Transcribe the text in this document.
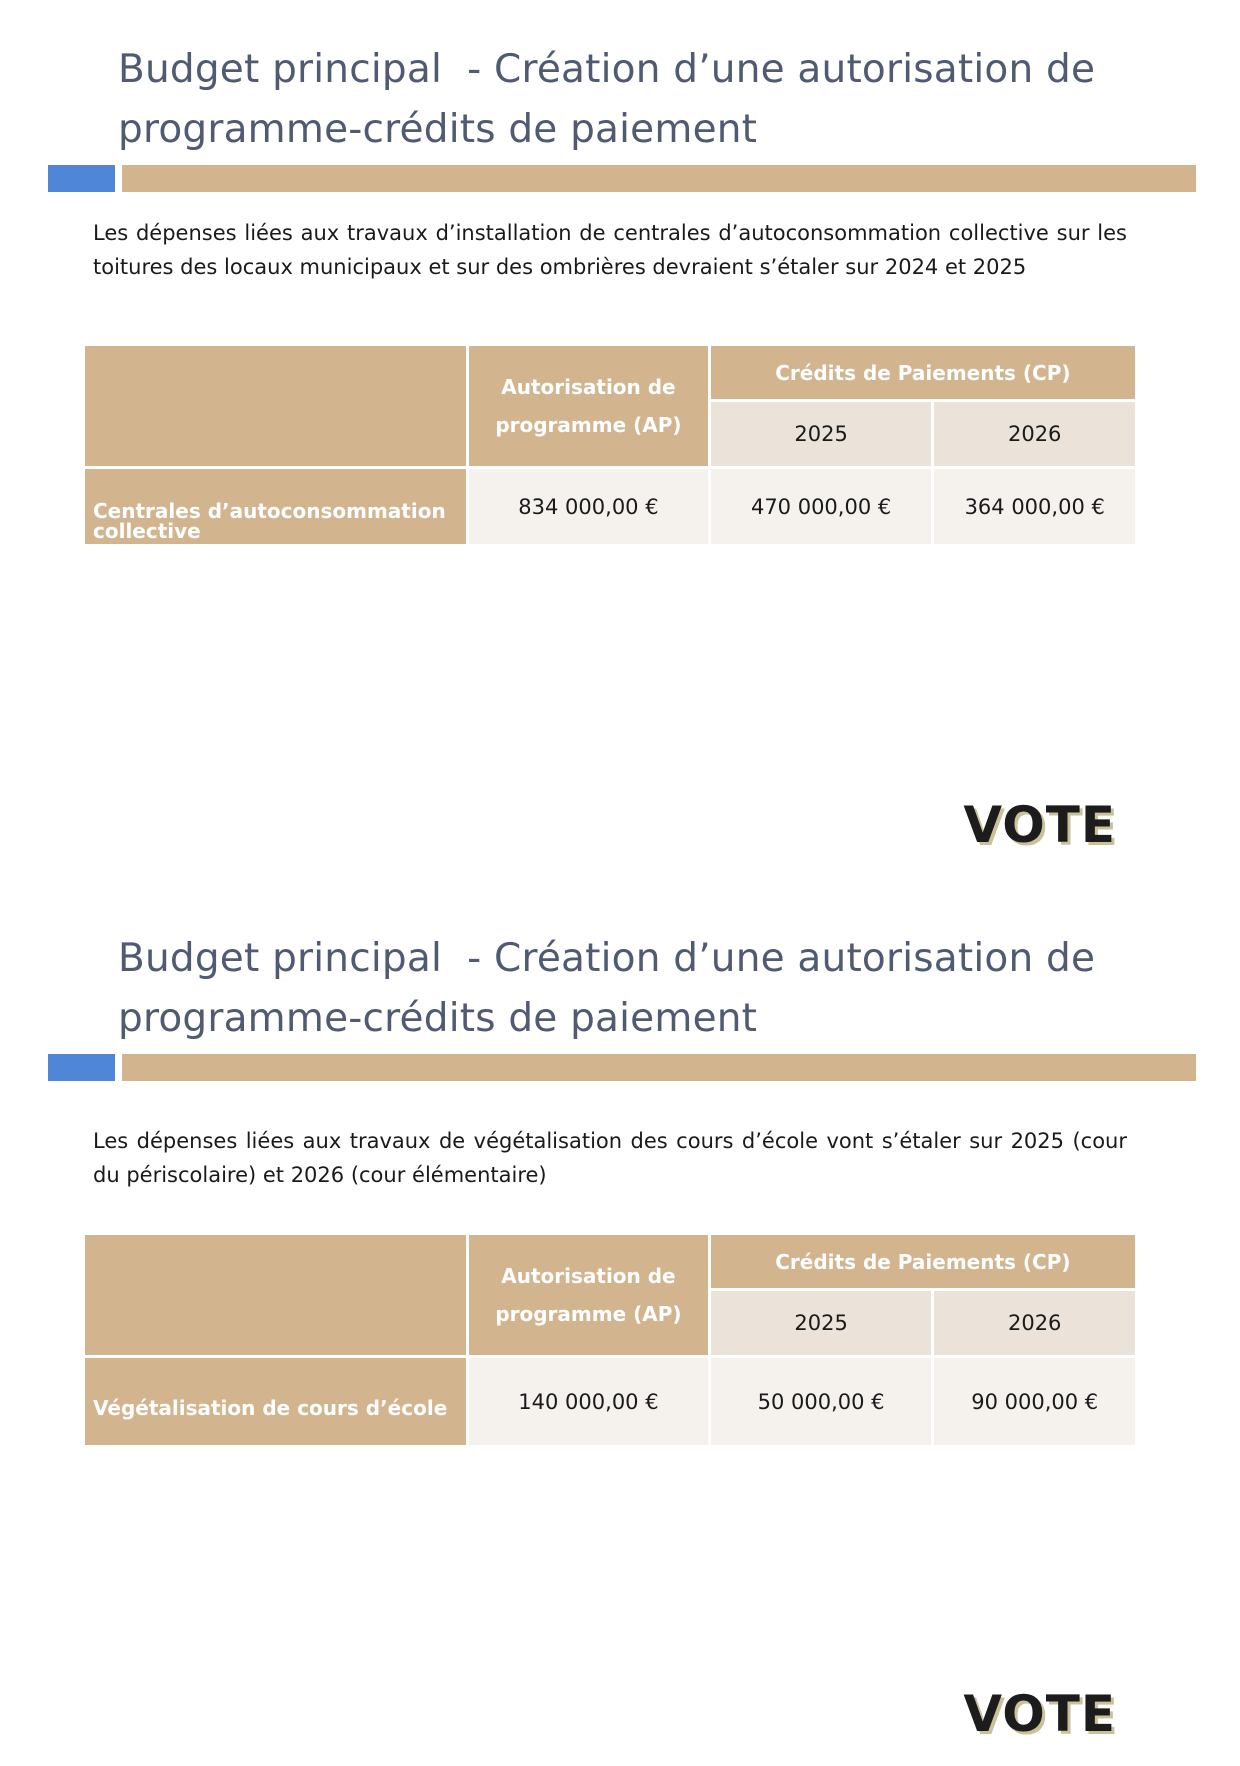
Budget principal  - Création d’une autorisation de
programme-crédits de paiement

Les dépenses liées aux travaux d’installation de centrales d’autoconsommation collective sur les toitures des locaux municipaux et sur des ombrières devraient s’étaler sur 2024 et 2025

	Autorisation de
programme (AP)	Crédits de Paiements (CP)	
		2025	2026

Centrales d’autoconsommation
collective	834 000,00 €	470 000,00 €	364 000,00 €
VOTE
Budget principal  - Création d’une autorisation de
programme-crédits de paiement

Les dépenses liées aux travaux de végétalisation des cours d’école vont s’étaler sur 2025 (cour du périscolaire) et 2026 (cour élémentaire)

	Autorisation de
programme (AP)	Crédits de Paiements (CP)	
		2025	2026
Végétalisation de cours d’école	140 000,00 €	50 000,00 €	90 000,00 €
VOTE
